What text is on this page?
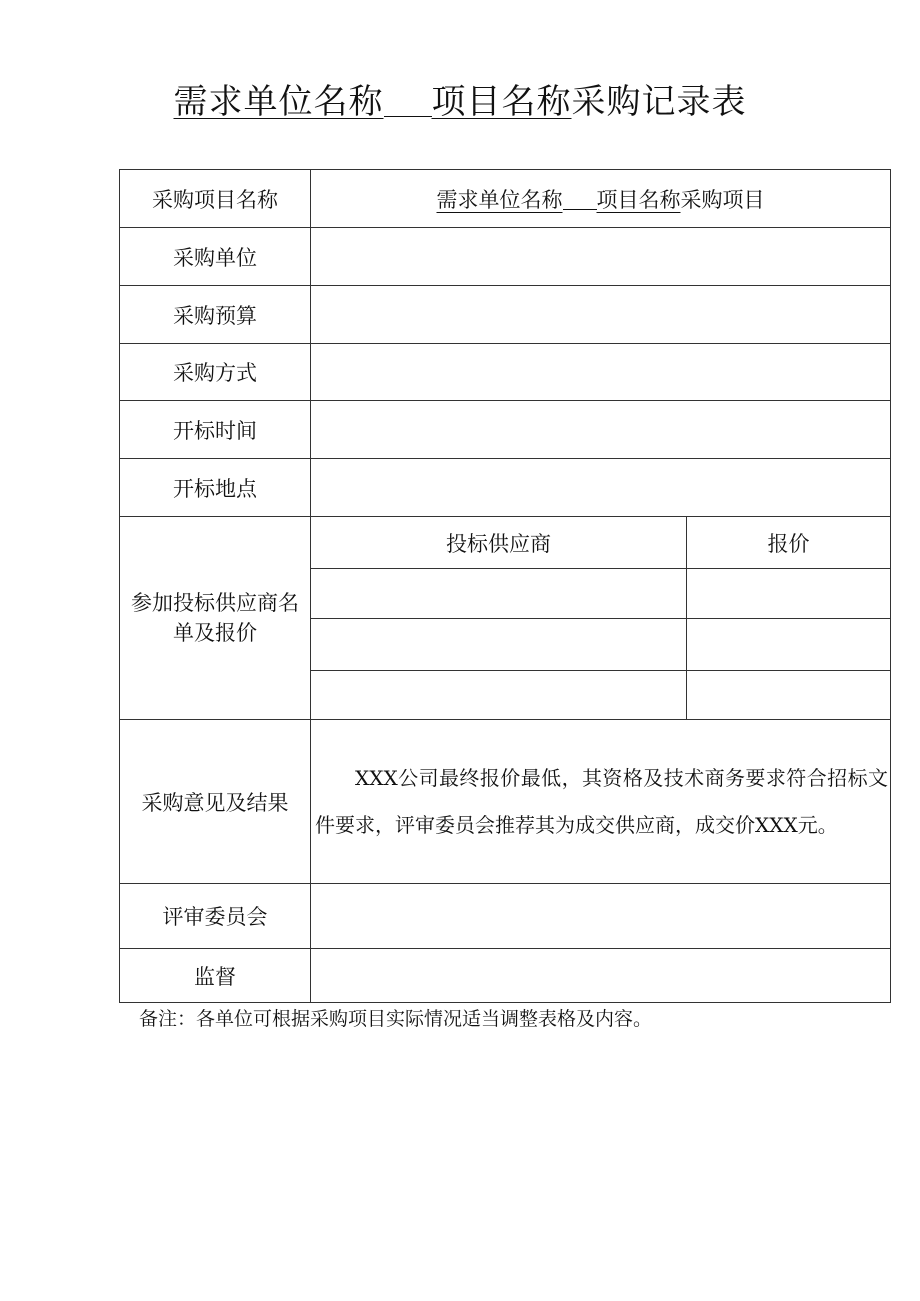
需求单位名称 项目名称采购记录表
采购项目名称	需求单位名称 项目名称采购项目	
采购单位		
采购预算		
采购方式		
开标时间		
开标地点		
参加投标供应商名单及报价	投标供应商	报价

采购意见及结果	XXX公司最终报价最低，其资格及技术商务要求符合招标文件要求，评审委员会推荐其为成交供应商，成交价XXX元。	

评审委员会		
监督		
备注：各单位可根据采购项目实际情况适当调整表格及内容。
